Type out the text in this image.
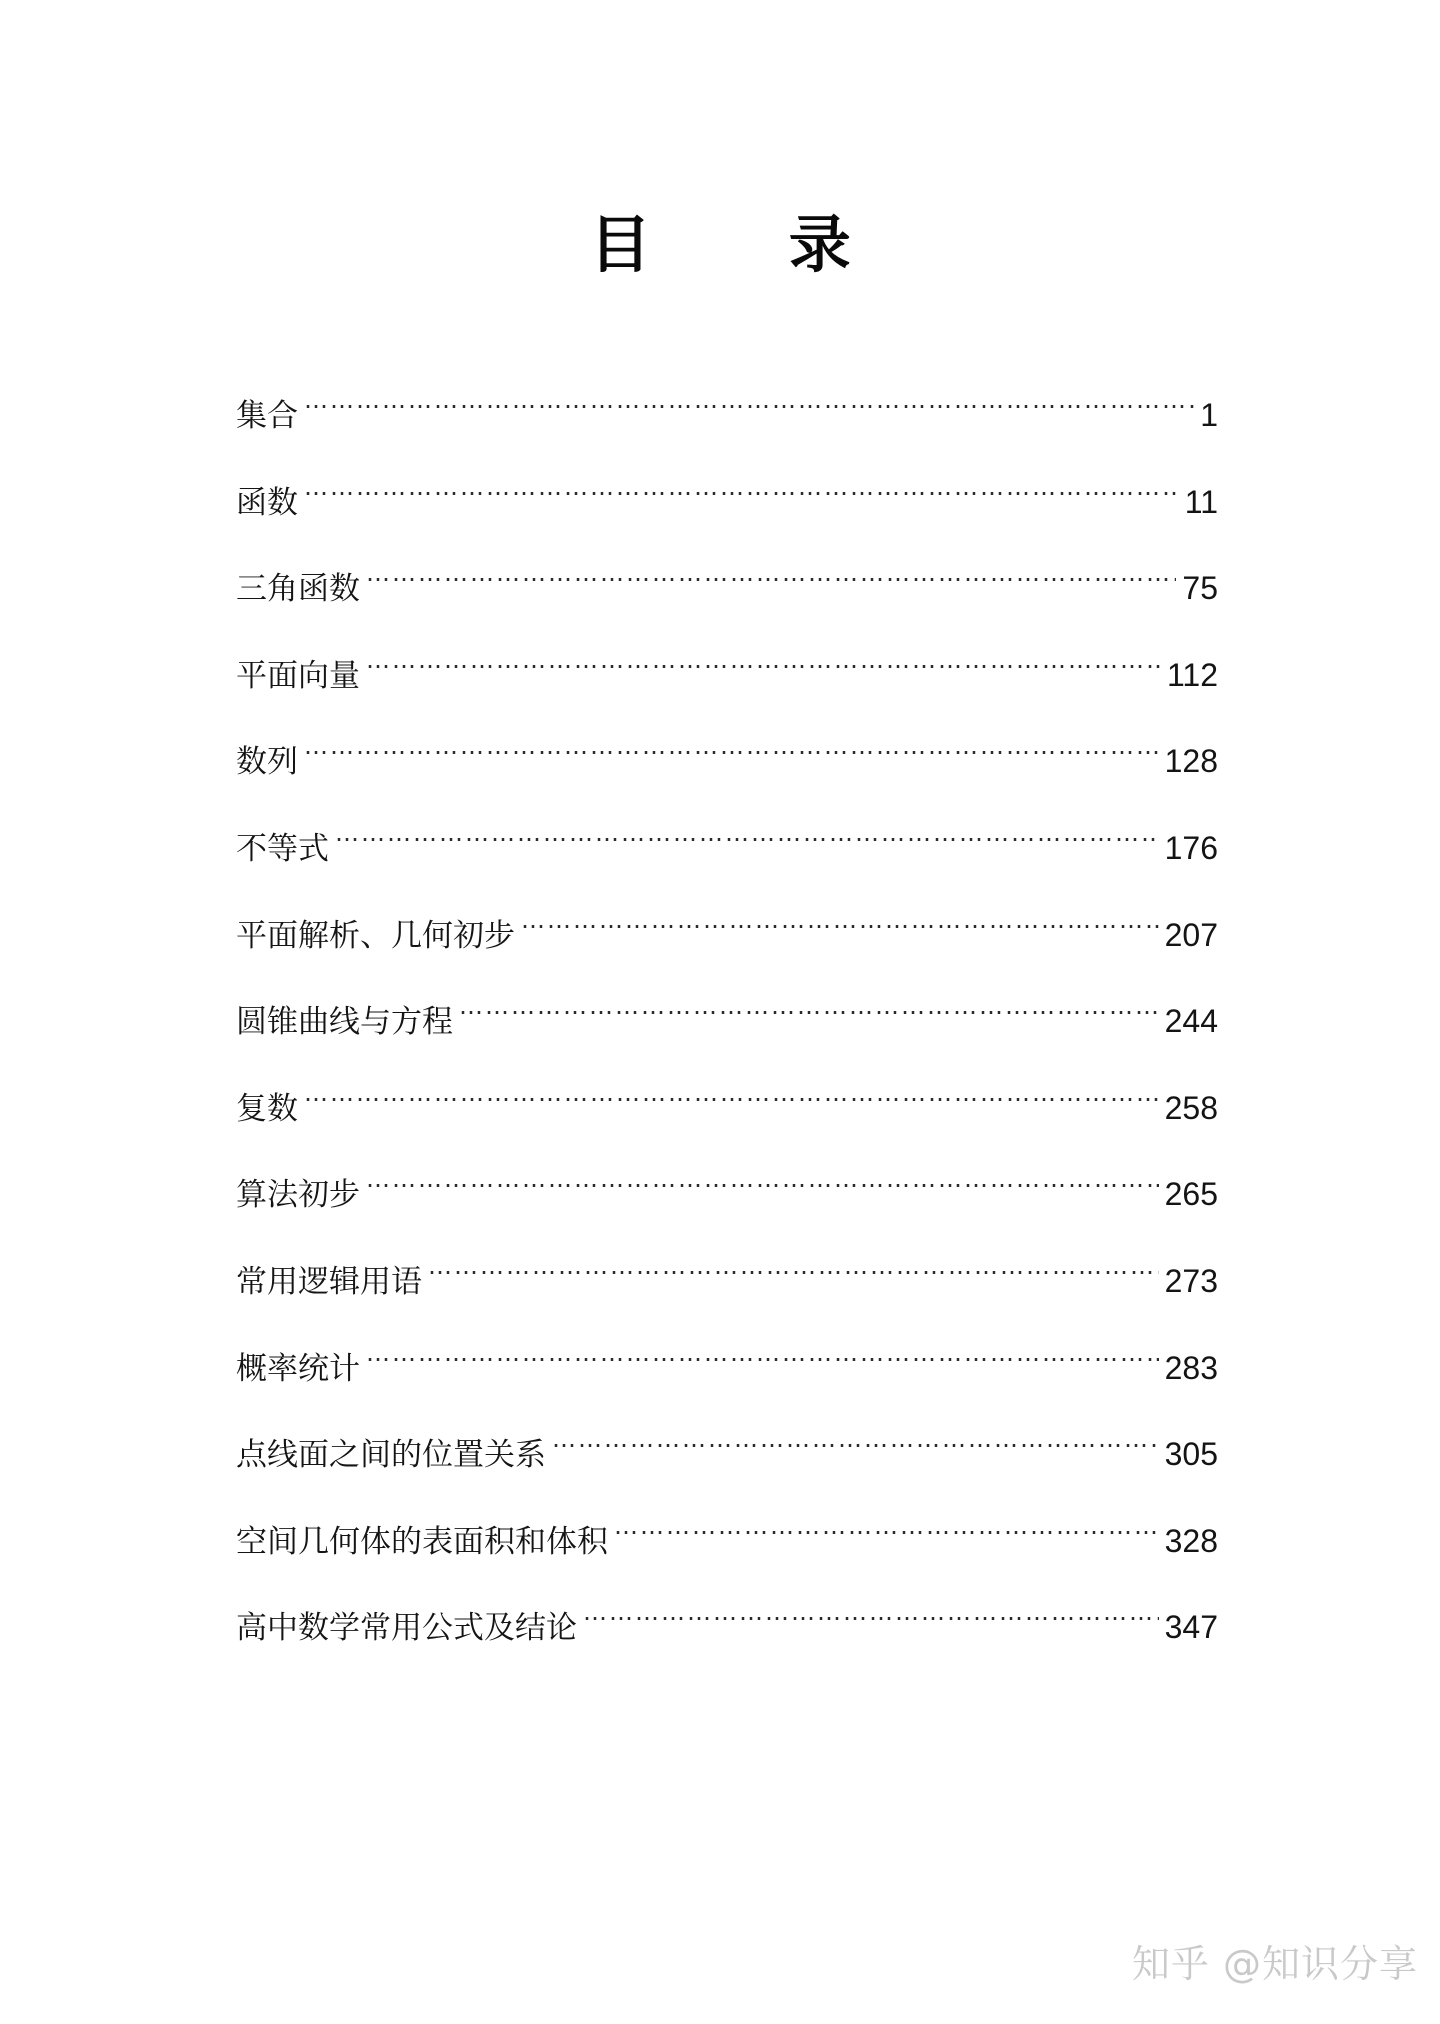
目 录
集合 …………………………………………………………………………………………………………………………………………………………………………………………	1
函数 …………………………………………………………………………………………………………………………………………………………………………………………	11
三角函数 …………………………………………………………………………………………………………………………………………………………………………………………	75
平面向量 …………………………………………………………………………………………………………………………………………………………………………………………	112
数列 …………………………………………………………………………………………………………………………………………………………………………………………	128
不等式 …………………………………………………………………………………………………………………………………………………………………………………………	176
平面解析、几何初步 …………………………………………………………………………………………………………………………………………………………………………………………	207
圆锥曲线与方程 …………………………………………………………………………………………………………………………………………………………………………………………	244
复数 …………………………………………………………………………………………………………………………………………………………………………………………	258
算法初步 …………………………………………………………………………………………………………………………………………………………………………………………	265
常用逻辑用语 …………………………………………………………………………………………………………………………………………………………………………………………	273
概率统计 …………………………………………………………………………………………………………………………………………………………………………………………	283
点线面之间的位置关系 …………………………………………………………………………………………………………………………………………………………………………………………	305
空间几何体的表面积和体积 …………………………………………………………………………………………………………………………………………………………………………………………	328
高中数学常用公式及结论 …………………………………………………………………………………………………………………………………………………………………………………………	347
知乎 @知识分享
